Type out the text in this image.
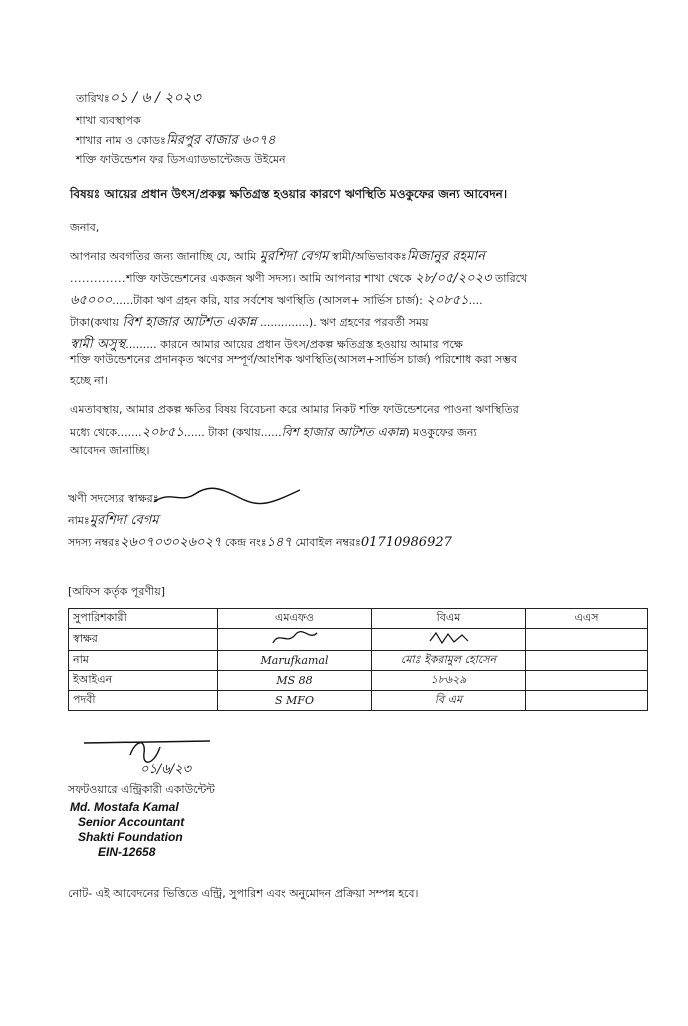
তারিখঃ০১ / ৬ / ২০২৩
শাখা ব্যবস্থাপক
শাখার নাম ও কোডঃমিরপুর বাজার ৬০৭৪
শক্তি ফাউন্ডেশন ফর ডিসএ্যাডভান্টেজড উইমেন
বিষয়ঃ আয়ের প্রধান উৎস/প্রকল্প ক্ষতিগ্রস্ত হওয়ার কারণে ঋণস্থিতি মওকুফের জন্য আবেদন।
জনাব,
আপনার অবগতির জন্য জানাচ্ছি যে, আমি মুরশিদা বেগম স্বামী/অভিভাবকঃমিজানুর রহমান
..............শক্তি ফাউন্ডেশনের একজন ঋণী সদস্য। আমি আপনার শাখা থেকে ২৮/০৫/২০২৩ তারিখে
৬৫০০০......টাকা ঋণ গ্রহন করি, যার সর্বশেষ ঋণস্থিতি (আসল+ সার্ভিস চার্জ): ২০৮৫১....
টাকা(কথায় বিশ হাজার আটশত একান্ন ..............). ঋণ গ্রহণের পরবর্তী সময়
স্বামী অসুস্থ......... কারনে আমার আয়ের প্রধান উৎস/প্রকল্প ক্ষতিগ্রস্ত হওয়ায় আমার পক্ষে
শক্তি ফাউন্ডেশনের প্রদানকৃত ঋণের সম্পূর্ণ/আংশিক ঋণস্থিতি(আসল+সার্ভিস চার্জ) পরিশোধ করা সম্ভব
হচ্ছে না।
এমতাবস্থায়, আমার প্রকল্প ক্ষতির বিষয় বিবেচনা করে আমার নিকট শক্তি ফাউন্ডেশনের পাওনা ঋণস্থিতির
মধ্যে থেকে.......২০৮৫১...... টাকা (কথায়......বিশ হাজার আটশত একান্ন) মওকুফের জন্য
আবেদন জানাচ্ছি।
ঋণী সদস্যের স্বাক্ষরঃ
নামঃমুরশিদা বেগম
সদস্য নম্বরঃ২৬০৭০৩০২৬০২৭ কেন্দ্র নংঃ১৪৭ মোবাইল নম্বরঃ01710986927
[অফিস কর্তৃক পূরণীয়]
সুপারিশকারী	এমএফও	বিএম	এএস
স্বাক্ষর			
নাম	Marufkamal	মোঃ ইকরামুল হোসেন	
ইআইএন	MS 88	১৮৬২৯	
পদবী	S MFO	বি এম	
০১/৬/২৩
সফটওয়ারে এন্ট্রিকারী একাউন্টেন্ট
Md. Mostafa Kamal
Senior Accountant
Shakti Foundation
EIN-12658
নোট- এই আবেদনের ভিত্তিতে এন্ট্রি, সুপারিশ এবং অনুমোদন প্রক্রিয়া সম্পন্ন হবে।
